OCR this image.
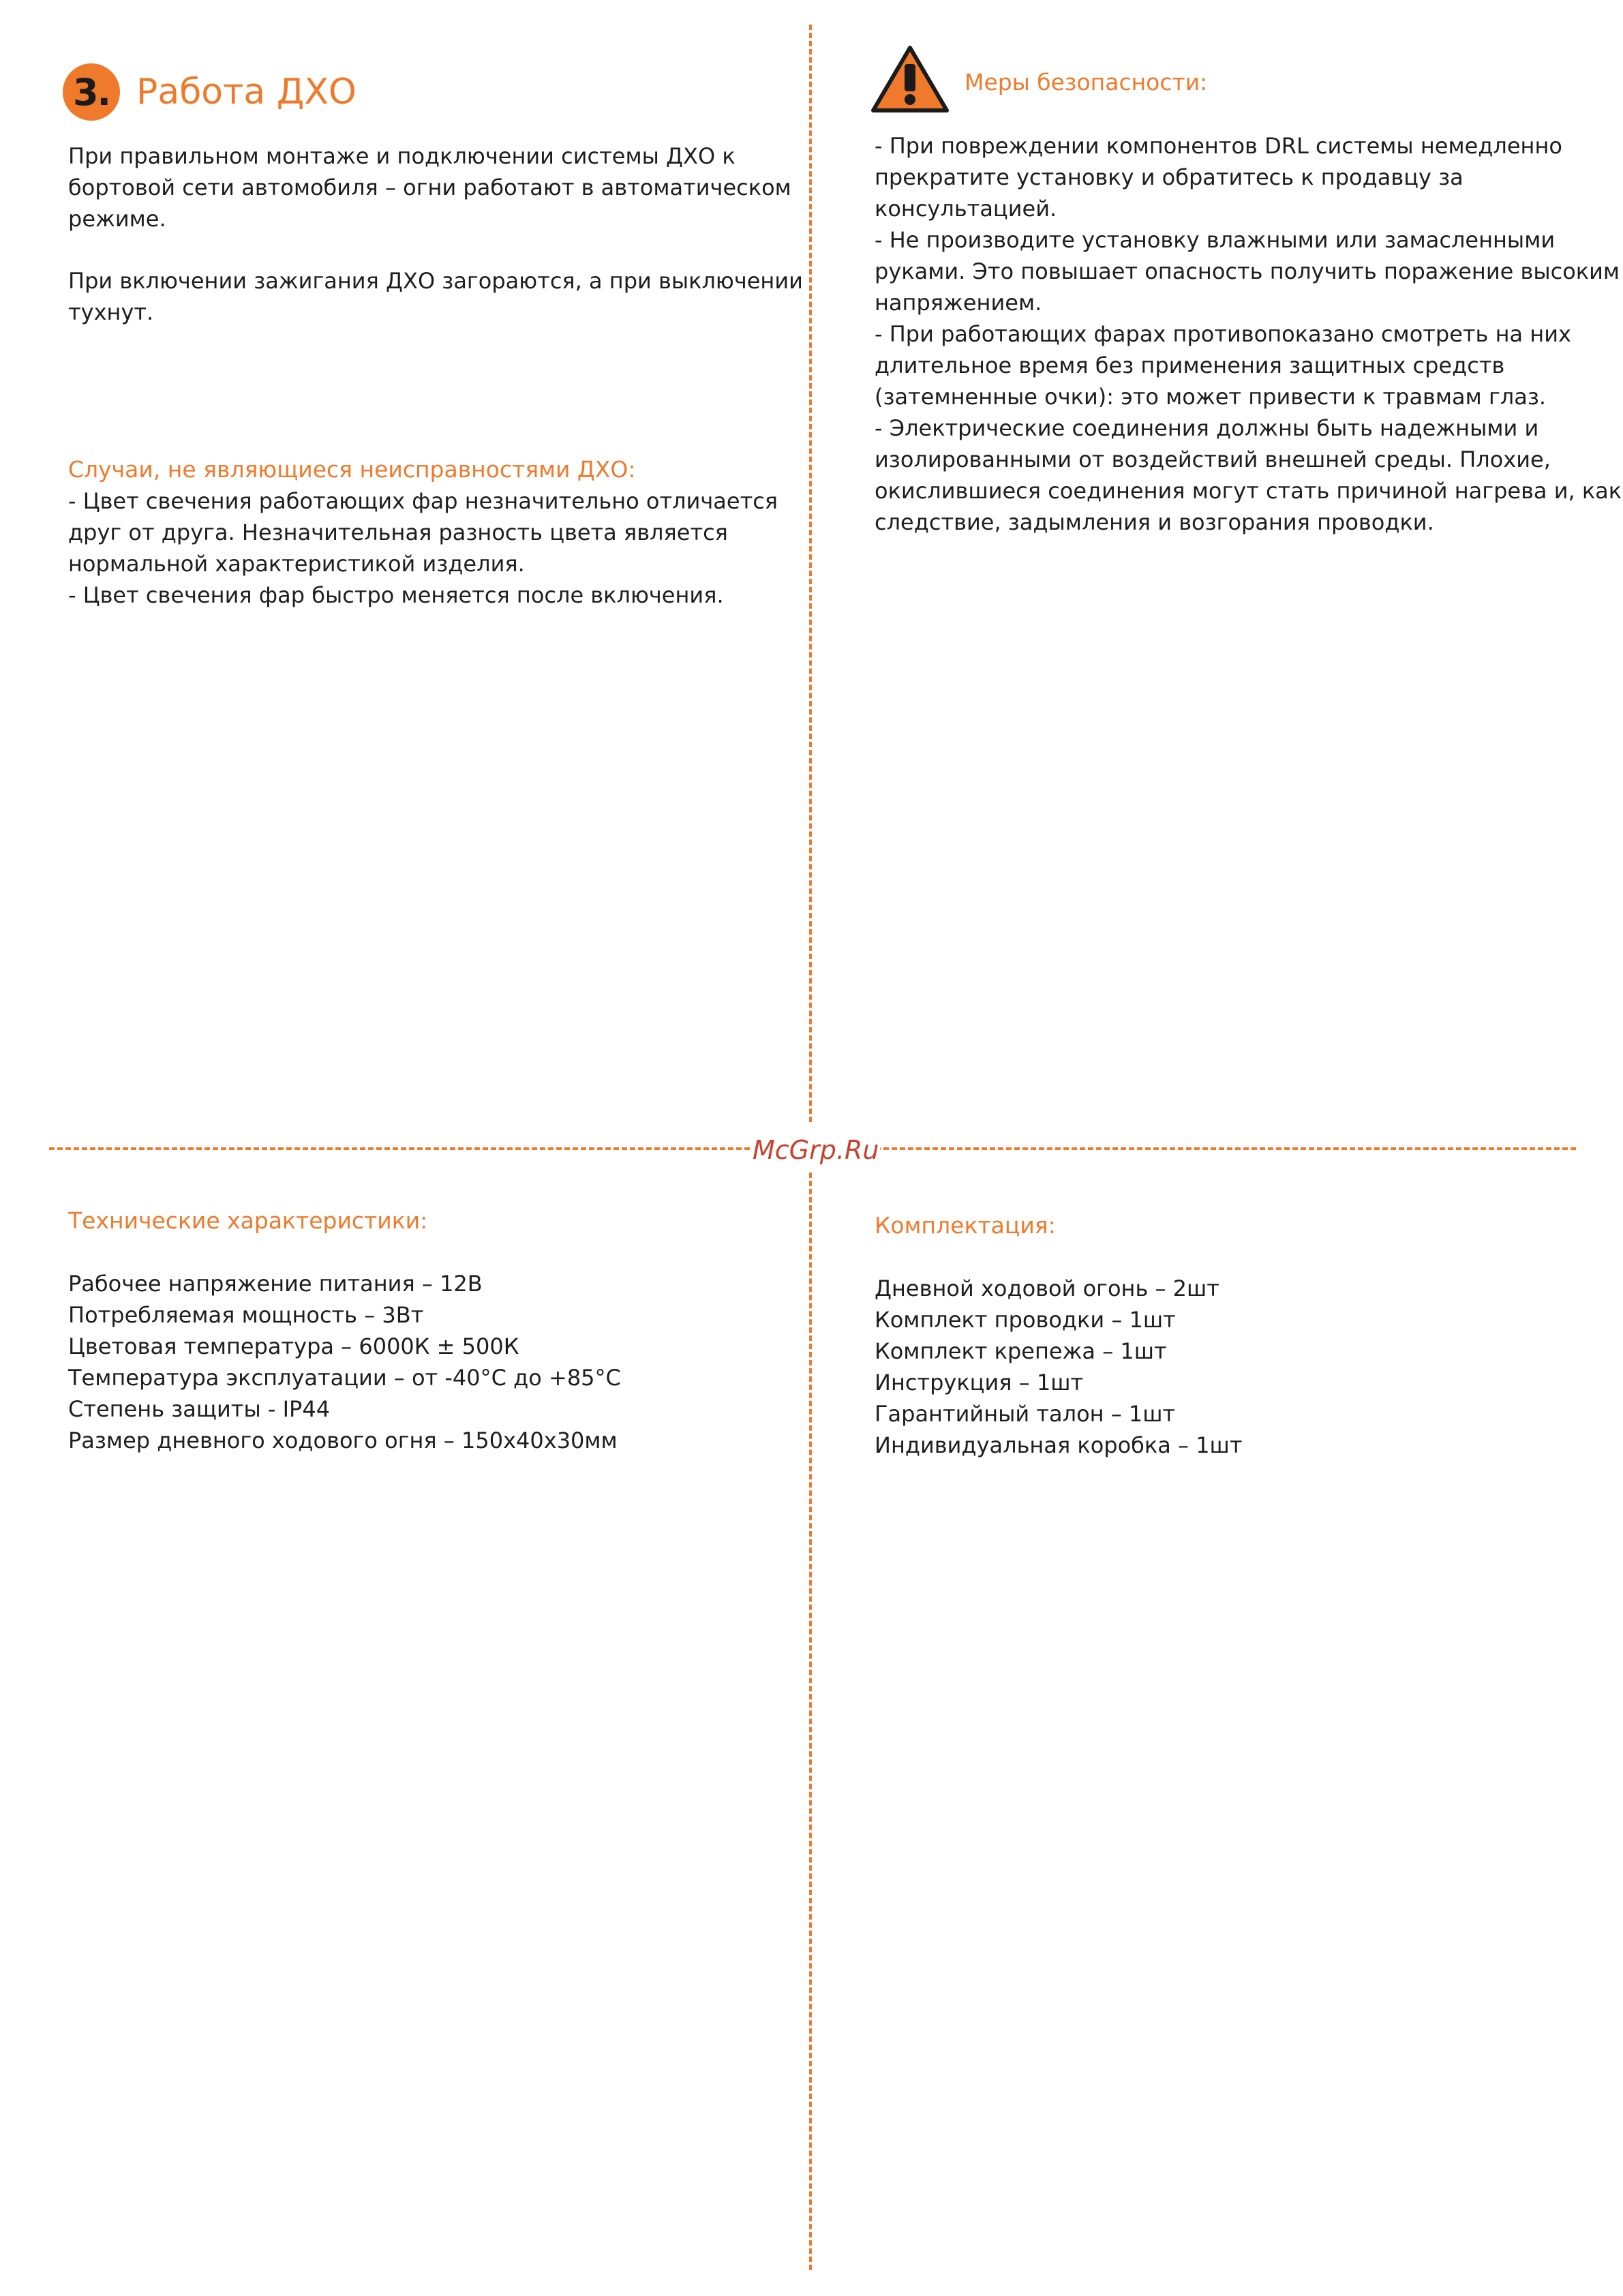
3. Работа ДХО
При правильном монтаже и подключении системы ДХО к
бортовой сети автомобиля – огни работают в автоматическом
режиме.
При включении зажигания ДХО загораются, а при выключении
тухнут.
Случаи, не являющиеся неисправностями ДХО:
- Цвет свечения работающих фар незначительно отличается
друг от друга. Незначительная разность цвета является
нормальной характеристикой изделия.
- Цвет свечения фар быстро меняется после включения.
Меры безопасности:
- При повреждении компонентов DRL системы немедленно
прекратите установку и обратитесь к продавцу за
консультацией.
- Не производите установку влажными или замасленными
руками. Это повышает опасность получить поражение высоким
напряжением.
- При работающих фарах противопоказано смотреть на них
длительное время без применения защитных средств
(затемненные очки): это может привести к травмам глаз.
- Электрические соединения должны быть надежными и
изолированными от воздействий внешней среды. Плохие,
окислившиеся соединения могут стать причиной нагрева и, как
следствие, задымления и возгорания проводки.
McGrp.Ru
Технические характеристики:
Рабочее напряжение питания – 12В
Потребляемая мощность – 3Вт
Цветовая температура – 6000К ± 500К
Температура эксплуатации – от -40°С до +85°С
Степень защиты - IP44
Размер дневного ходового огня – 150х40х30мм
Комплектация:
Дневной ходовой огонь – 2шт
Комплект проводки – 1шт
Комплект крепежа – 1шт
Инструкция – 1шт
Гарантийный талон – 1шт
Индивидуальная коробка – 1шт
